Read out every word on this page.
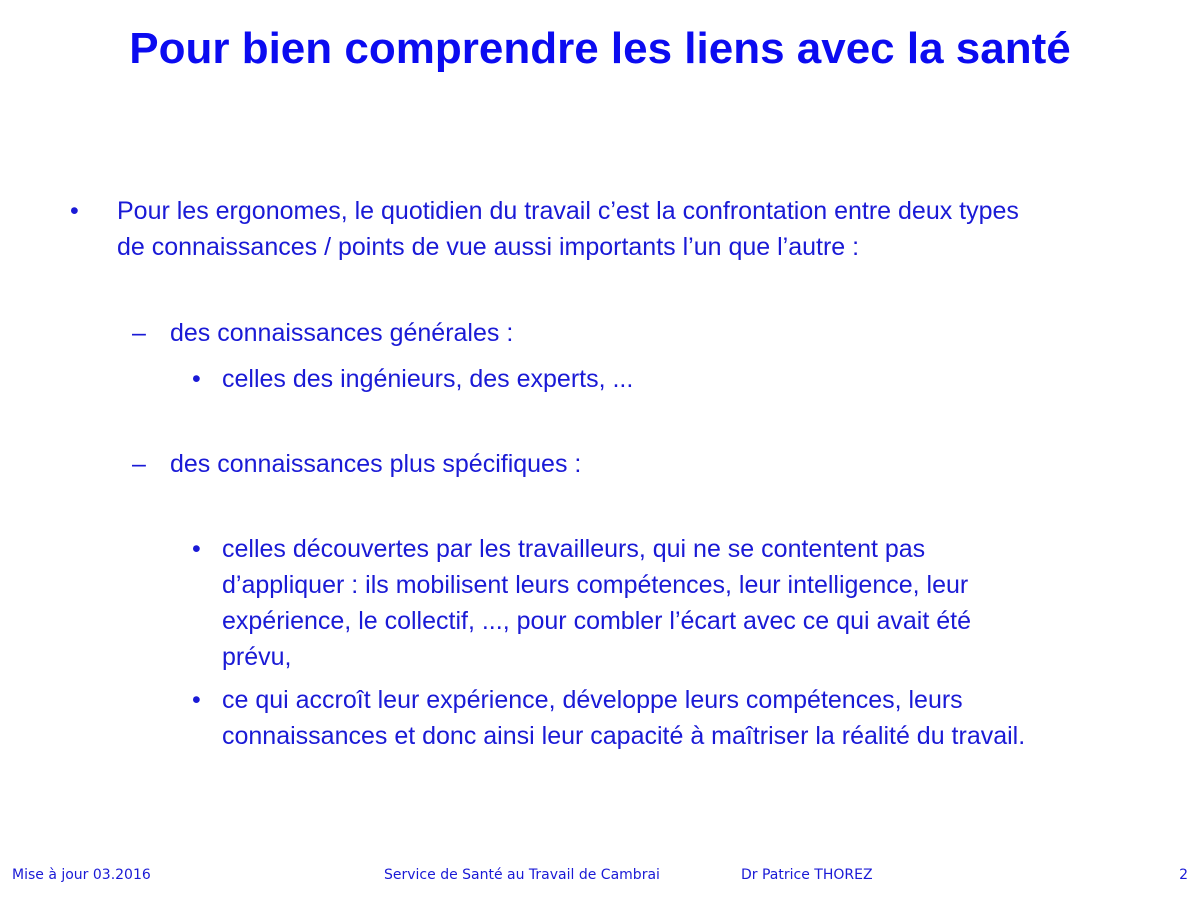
Pour bien comprendre les liens avec la santé
• Pour les ergonomes, le quotidien du travail c’est la confrontation entre deux types
de connaissances / points de vue aussi importants l’un que l’autre :
– des connaissances générales :
• celles des ingénieurs, des experts, ...
– des connaissances plus spécifiques :
• celles découvertes par les travailleurs, qui ne se contentent pas
d’appliquer : ils mobilisent leurs compétences, leur intelligence, leur
expérience, le collectif, ..., pour combler l’écart avec ce qui avait été
prévu,
• ce qui accroît leur expérience, développe leurs compétences, leurs
connaissances et donc ainsi leur capacité à maîtriser la réalité du travail.
Mise à jour 03.2016	Service de Santé au Travail de Cambrai	Dr Patrice THOREZ	2
